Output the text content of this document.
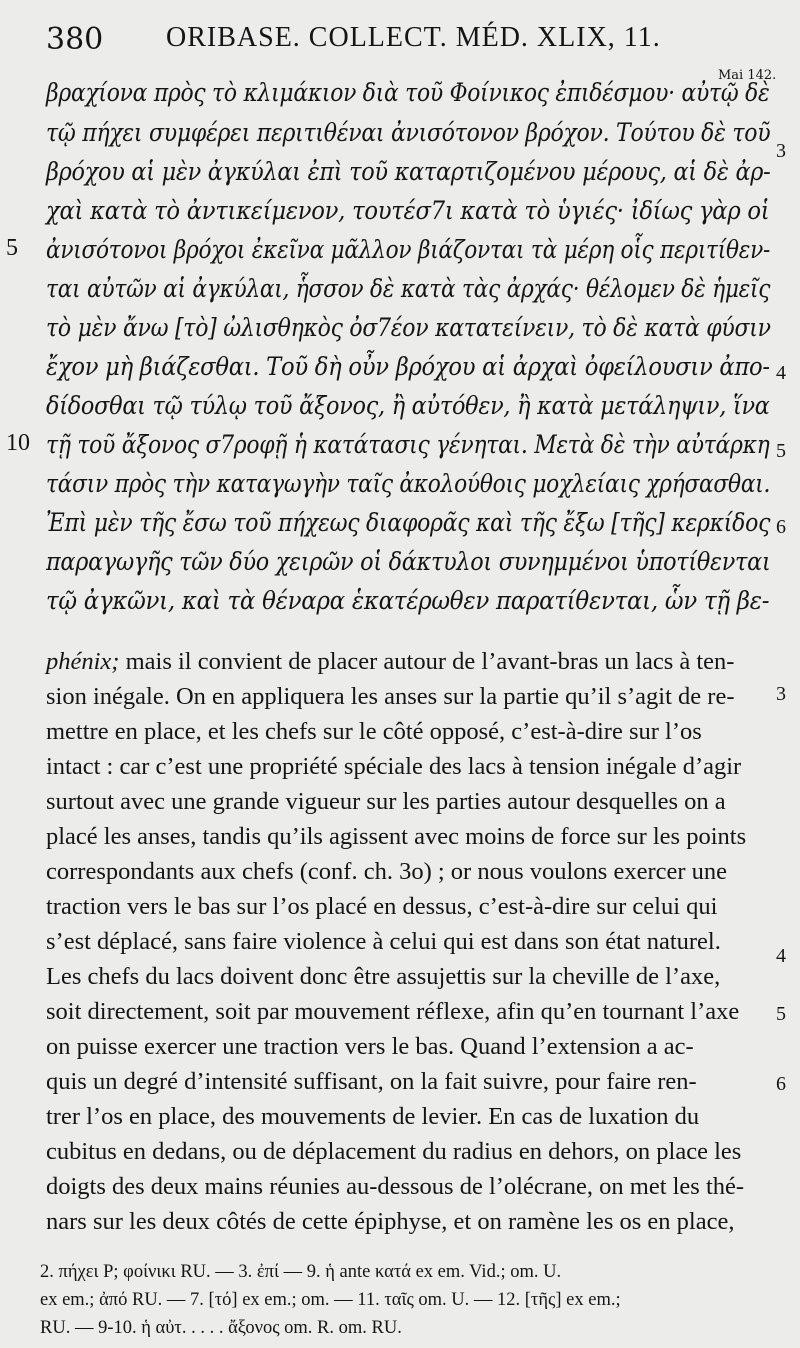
380 ORIBASE. COLLECT. MÉD. XLIX, 11.
Mai 142.
βραχίονα πρὸς τὸ κλιμάκιον διὰ τοῦ Φοίνικος ἐπιδέσμου· αὐτῷ δὲ
τῷ πήχει συμφέρει περιτιθέναι ἀνισότονον βρόχον. Τούτου δὲ τοῦ
βρόχου αἱ μὲν ἀγκύλαι ἐπὶ τοῦ καταρτιζομένου μέρους, αἱ δὲ ἀρ-
χαὶ κατὰ τὸ ἀντικείμενον, τουτέσ7ι κατὰ τὸ ὑγιές· ἰδίως γὰρ οἱ
ἀνισότονοι βρόχοι ἐκεῖνα μᾶλλον βιάζονται τὰ μέρη οἷς περιτίθεν-
ται αὐτῶν αἱ ἀγκύλαι, ἧσσον δὲ κατὰ τὰς ἀρχάς· θέλομεν δὲ ἡμεῖς
τὸ μὲν ἄνω [τὸ] ὠλισθηκὸς ὀσ7έον κατατείνειν, τὸ δὲ κατὰ φύσιν
ἔχον μὴ βιάζεσθαι. Τοῦ δὴ οὖν βρόχου αἱ ἀρχαὶ ὀφείλουσιν ἀπο-
δίδοσθαι τῷ τύλῳ τοῦ ἄξονος, ἢ αὐτόθεν, ἢ κατὰ μετάληψιν, ἵνα
τῇ τοῦ ἄξονος σ7ροφῇ ἡ κατάτασις γένηται. Μετὰ δὲ τὴν αὐτάρκη
τάσιν πρὸς τὴν καταγωγὴν ταῖς ἀκολούθοις μοχλείαις χρήσασθαι.
Ἐπὶ μὲν τῆς ἔσω τοῦ πήχεως διαφορᾶς καὶ τῆς ἔξω [τῆς] κερκίδος
παραγωγῆς τῶν δύο χειρῶν οἱ δάκτυλοι συνημμένοι ὑποτίθενται
τῷ ἀγκῶνι, καὶ τὰ θέναρα ἑκατέρωθεν παρατίθενται, ὧν τῇ βε-
5
10
3
4
5
6
phénix; mais il convient de placer autour de l’avant-bras un lacs à ten-
sion inégale. On en appliquera les anses sur la partie qu’il s’agit de re-
mettre en place, et les chefs sur le côté opposé, c’est-à-dire sur l’os
intact : car c’est une propriété spéciale des lacs à tension inégale d’agir
surtout avec une grande vigueur sur les parties autour desquelles on a
placé les anses, tandis qu’ils agissent avec moins de force sur les points
correspondants aux chefs (conf. ch. 3o) ; or nous voulons exercer une
traction vers le bas sur l’os placé en dessus, c’est-à-dire sur celui qui
s’est déplacé, sans faire violence à celui qui est dans son état naturel.
Les chefs du lacs doivent donc être assujettis sur la cheville de l’axe,
soit directement, soit par mouvement réflexe, afin qu’en tournant l’axe
on puisse exercer une traction vers le bas. Quand l’extension a ac-
quis un degré d’intensité suffisant, on la fait suivre, pour faire ren-
trer l’os en place, des mouvements de levier. En cas de luxation du
cubitus en dedans, ou de déplacement du radius en dehors, on place les
doigts des deux mains réunies au-dessous de l’olécrane, on met les thé-
nars sur les deux côtés de cette épiphyse, et on ramène les os en place,
3
4
5
6
2. πήχει P; φοίνικι RU. — 3. ἐπί — 9. ἡ ante κατά ex em. Vid.; om. U.
ex em.; ἀπό RU. — 7. [τό] ex em.; om. — 11. ταῖς om. U. — 12. [τῆς] ex em.;
RU. — 9-10. ἡ αὐτ. . . . . ἄξονος om. R. om. RU.
